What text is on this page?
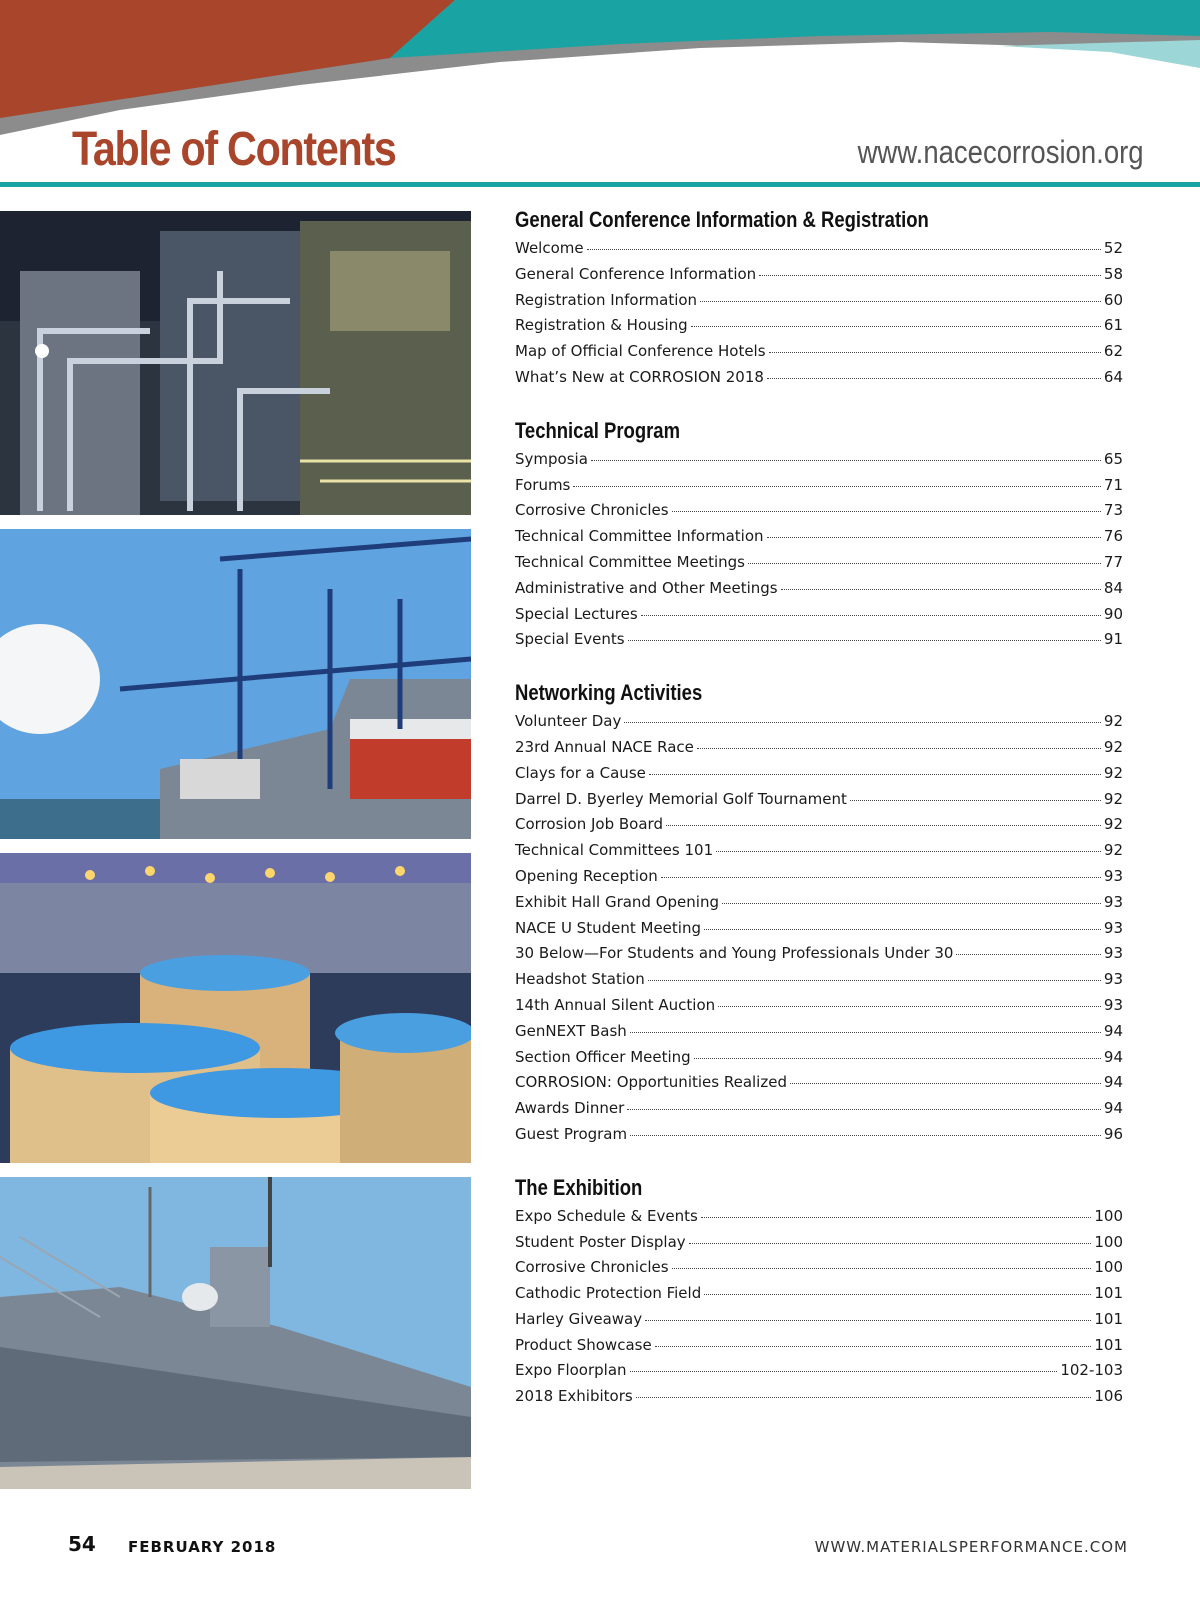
Table of Contents	www.nacecorrosion.org
General Conference Information & Registration
Welcome	52
General Conference Information	58
Registration Information	60
Registration & Housing	61
Map of Official Conference Hotels	62
What’s New at CORROSION 2018	64
Technical Program
Symposia	65
Forums	71
Corrosive Chronicles	73
Technical Committee Information	76
Technical Committee Meetings	77
Administrative and Other Meetings	84
Special Lectures	90
Special Events	91
Networking Activities
Volunteer Day	92
23rd Annual NACE Race	92
Clays for a Cause	92
Darrel D. Byerley Memorial Golf Tournament	92
Corrosion Job Board	92
Technical Committees 101	92
Opening Reception	93
Exhibit Hall Grand Opening	93
NACE U Student Meeting	93
30 Below—For Students and Young Professionals Under 30	93
Headshot Station	93
14th Annual Silent Auction	93
GenNEXT Bash	94
Section Officer Meeting	94
CORROSION: Opportunities Realized	94
Awards Dinner	94
Guest Program	96
The Exhibition
Expo Schedule & Events	100
Student Poster Display	100
Corrosive Chronicles	100
Cathodic Protection Field	101
Harley Giveaway	101
Product Showcase	101
Expo Floorplan	102-103
2018 Exhibitors	106
54 FEBRUARY 2018	WWW.MATERIALSPERFORMANCE.COM
